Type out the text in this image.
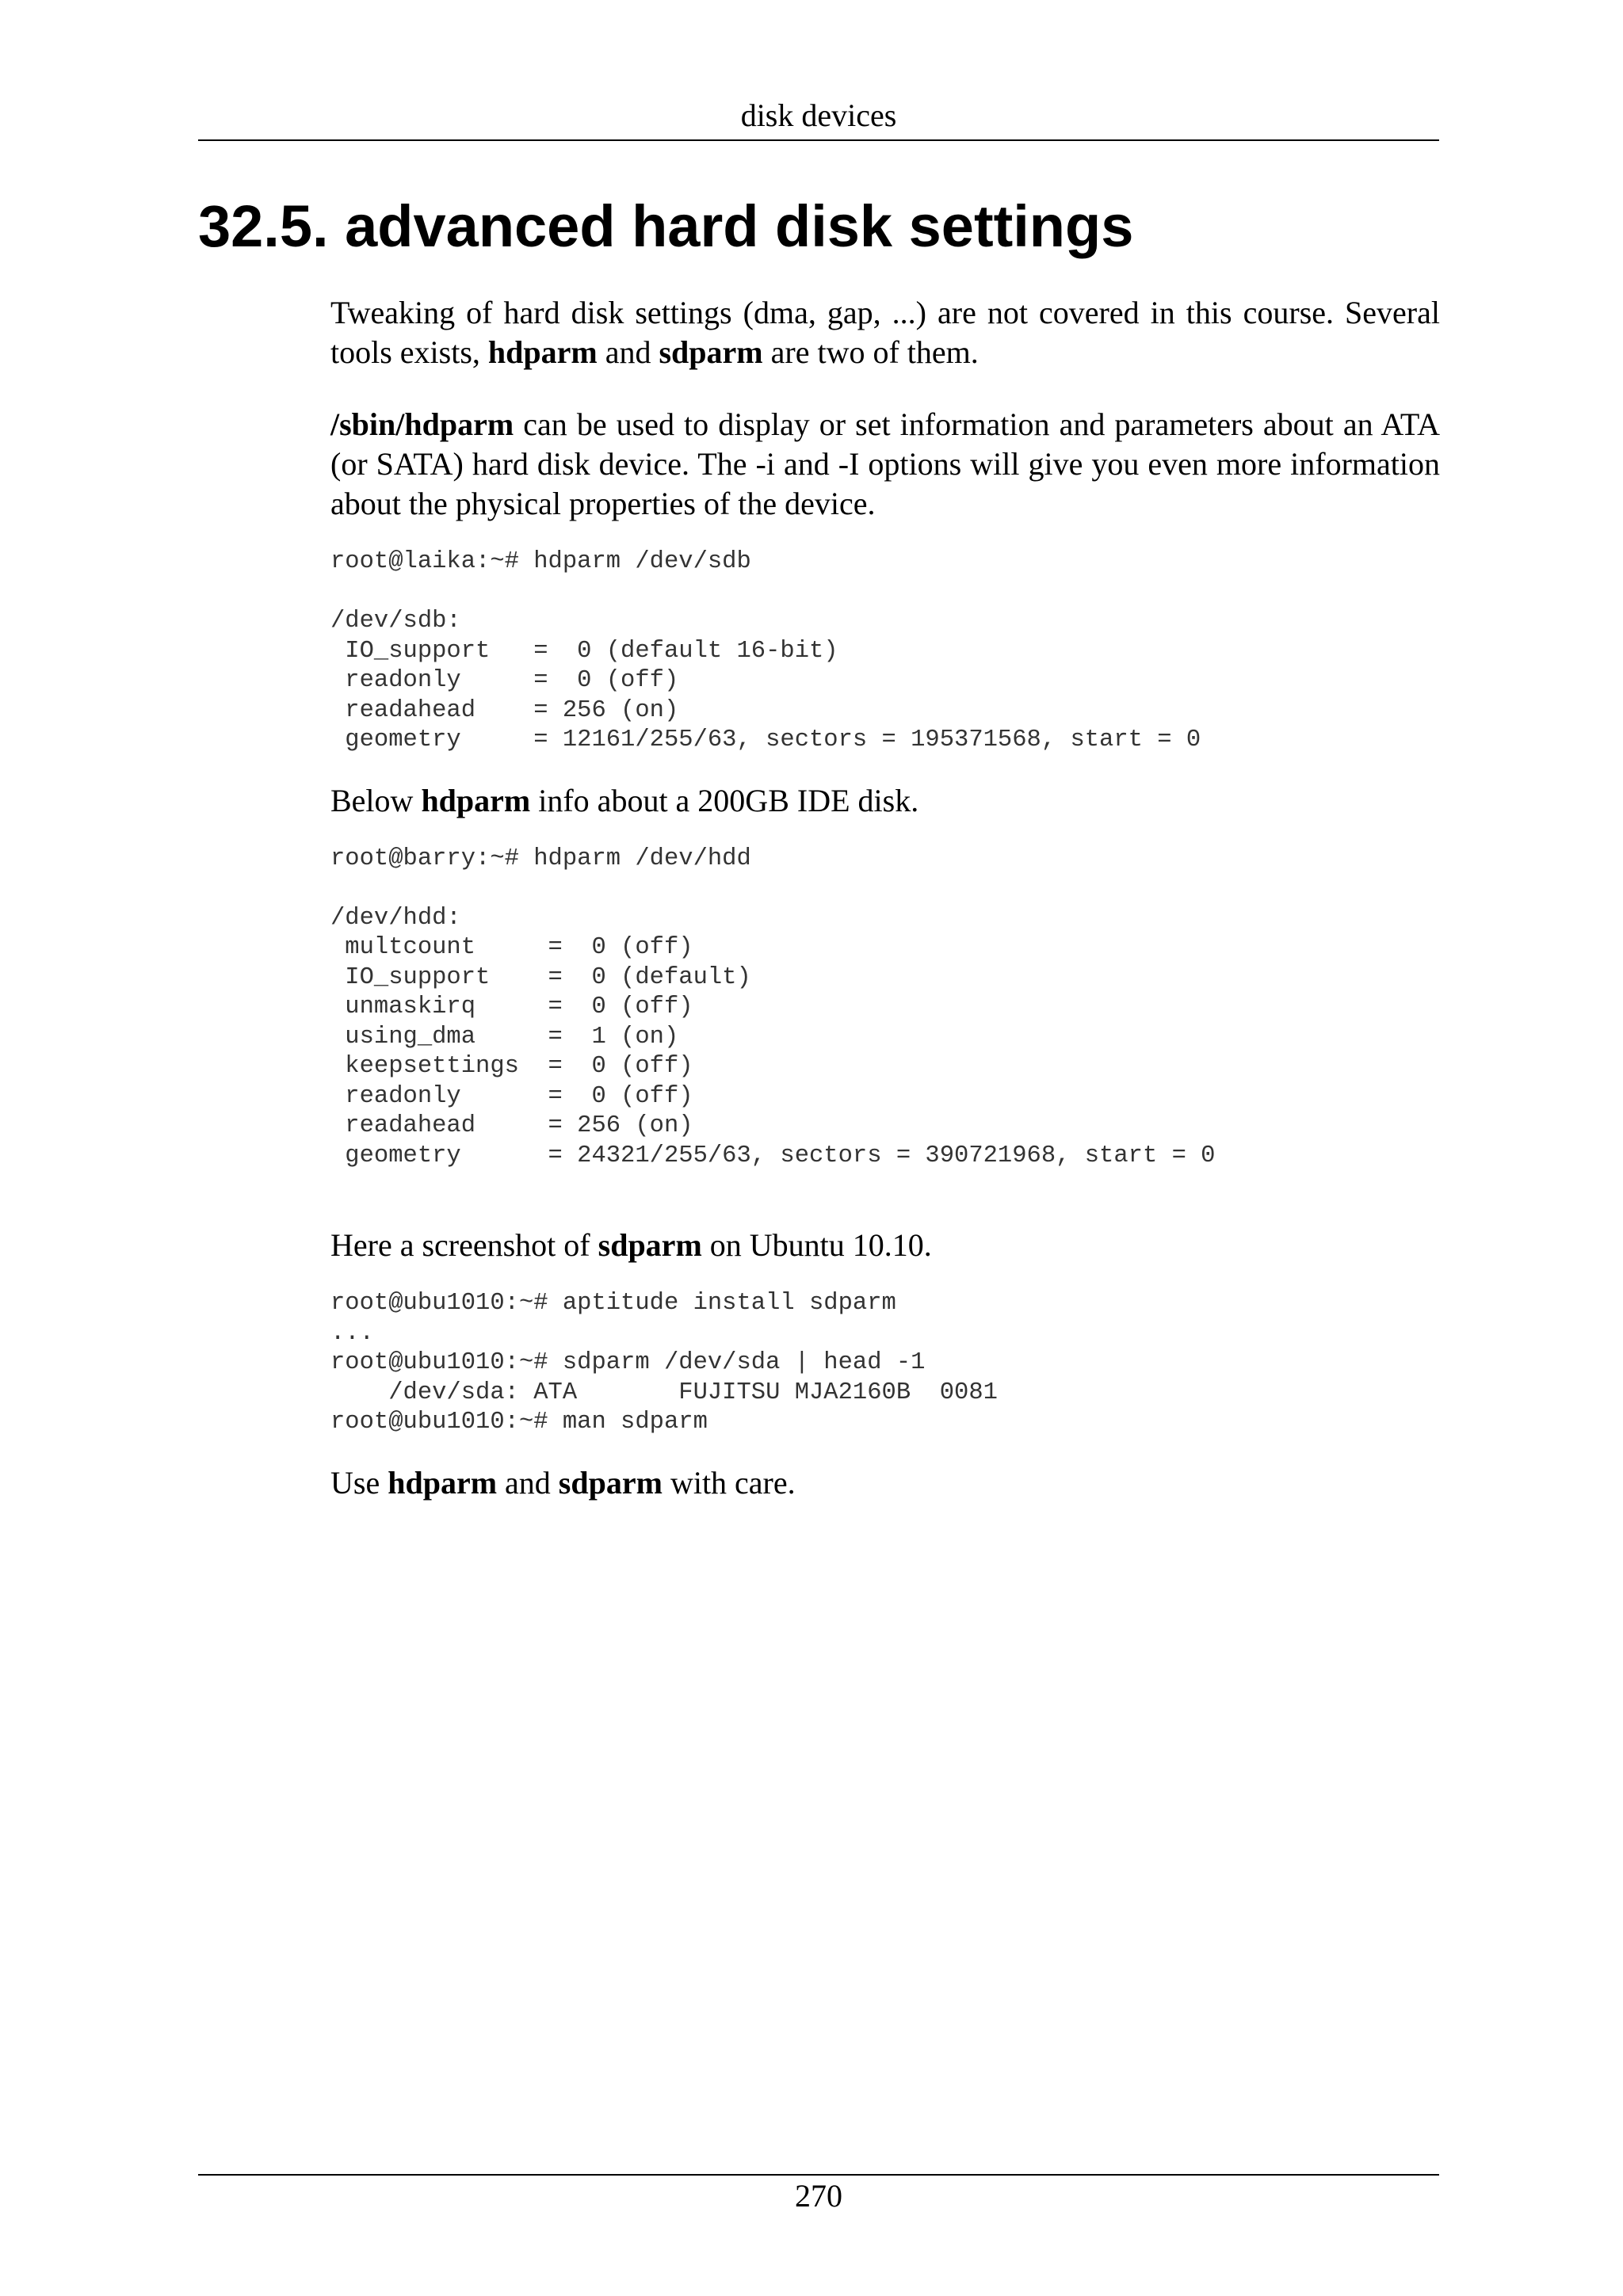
disk devices
32.5. advanced hard disk settings

Tweaking of hard disk settings (dma, gap, ...) are not covered in this course. Several tools exists, hdparm and sdparm are two of them.

/sbin/hdparm can be used to display or set information and parameters about an ATA (or SATA) hard disk device. The -i and -I options will give you even more information about the physical properties of the device.

root@laika:~# hdparm /dev/sdb

/dev/sdb:
IO_support   =  0 (default 16-bit)
readonly     =  0 (off)
readahead    = 256 (on)
geometry     = 12161/255/63, sectors = 195371568, start = 0

Below hdparm info about a 200GB IDE disk.

root@barry:~# hdparm /dev/hdd

/dev/hdd:
multcount     =  0 (off)
IO_support    =  0 (default)
unmaskirq     =  0 (off)
using_dma     =  1 (on)
keepsettings  =  0 (off)
readonly      =  0 (off)
readahead     = 256 (on)
geometry      = 24321/255/63, sectors = 390721968, start = 0

Here a screenshot of sdparm on Ubuntu 10.10.

root@ubu1010:~# aptitude install sdparm
...
root@ubu1010:~# sdparm /dev/sda | head -1
/dev/sda: ATA       FUJITSU MJA2160B  0081
root@ubu1010:~# man sdparm

Use hdparm and sdparm with care.

270
